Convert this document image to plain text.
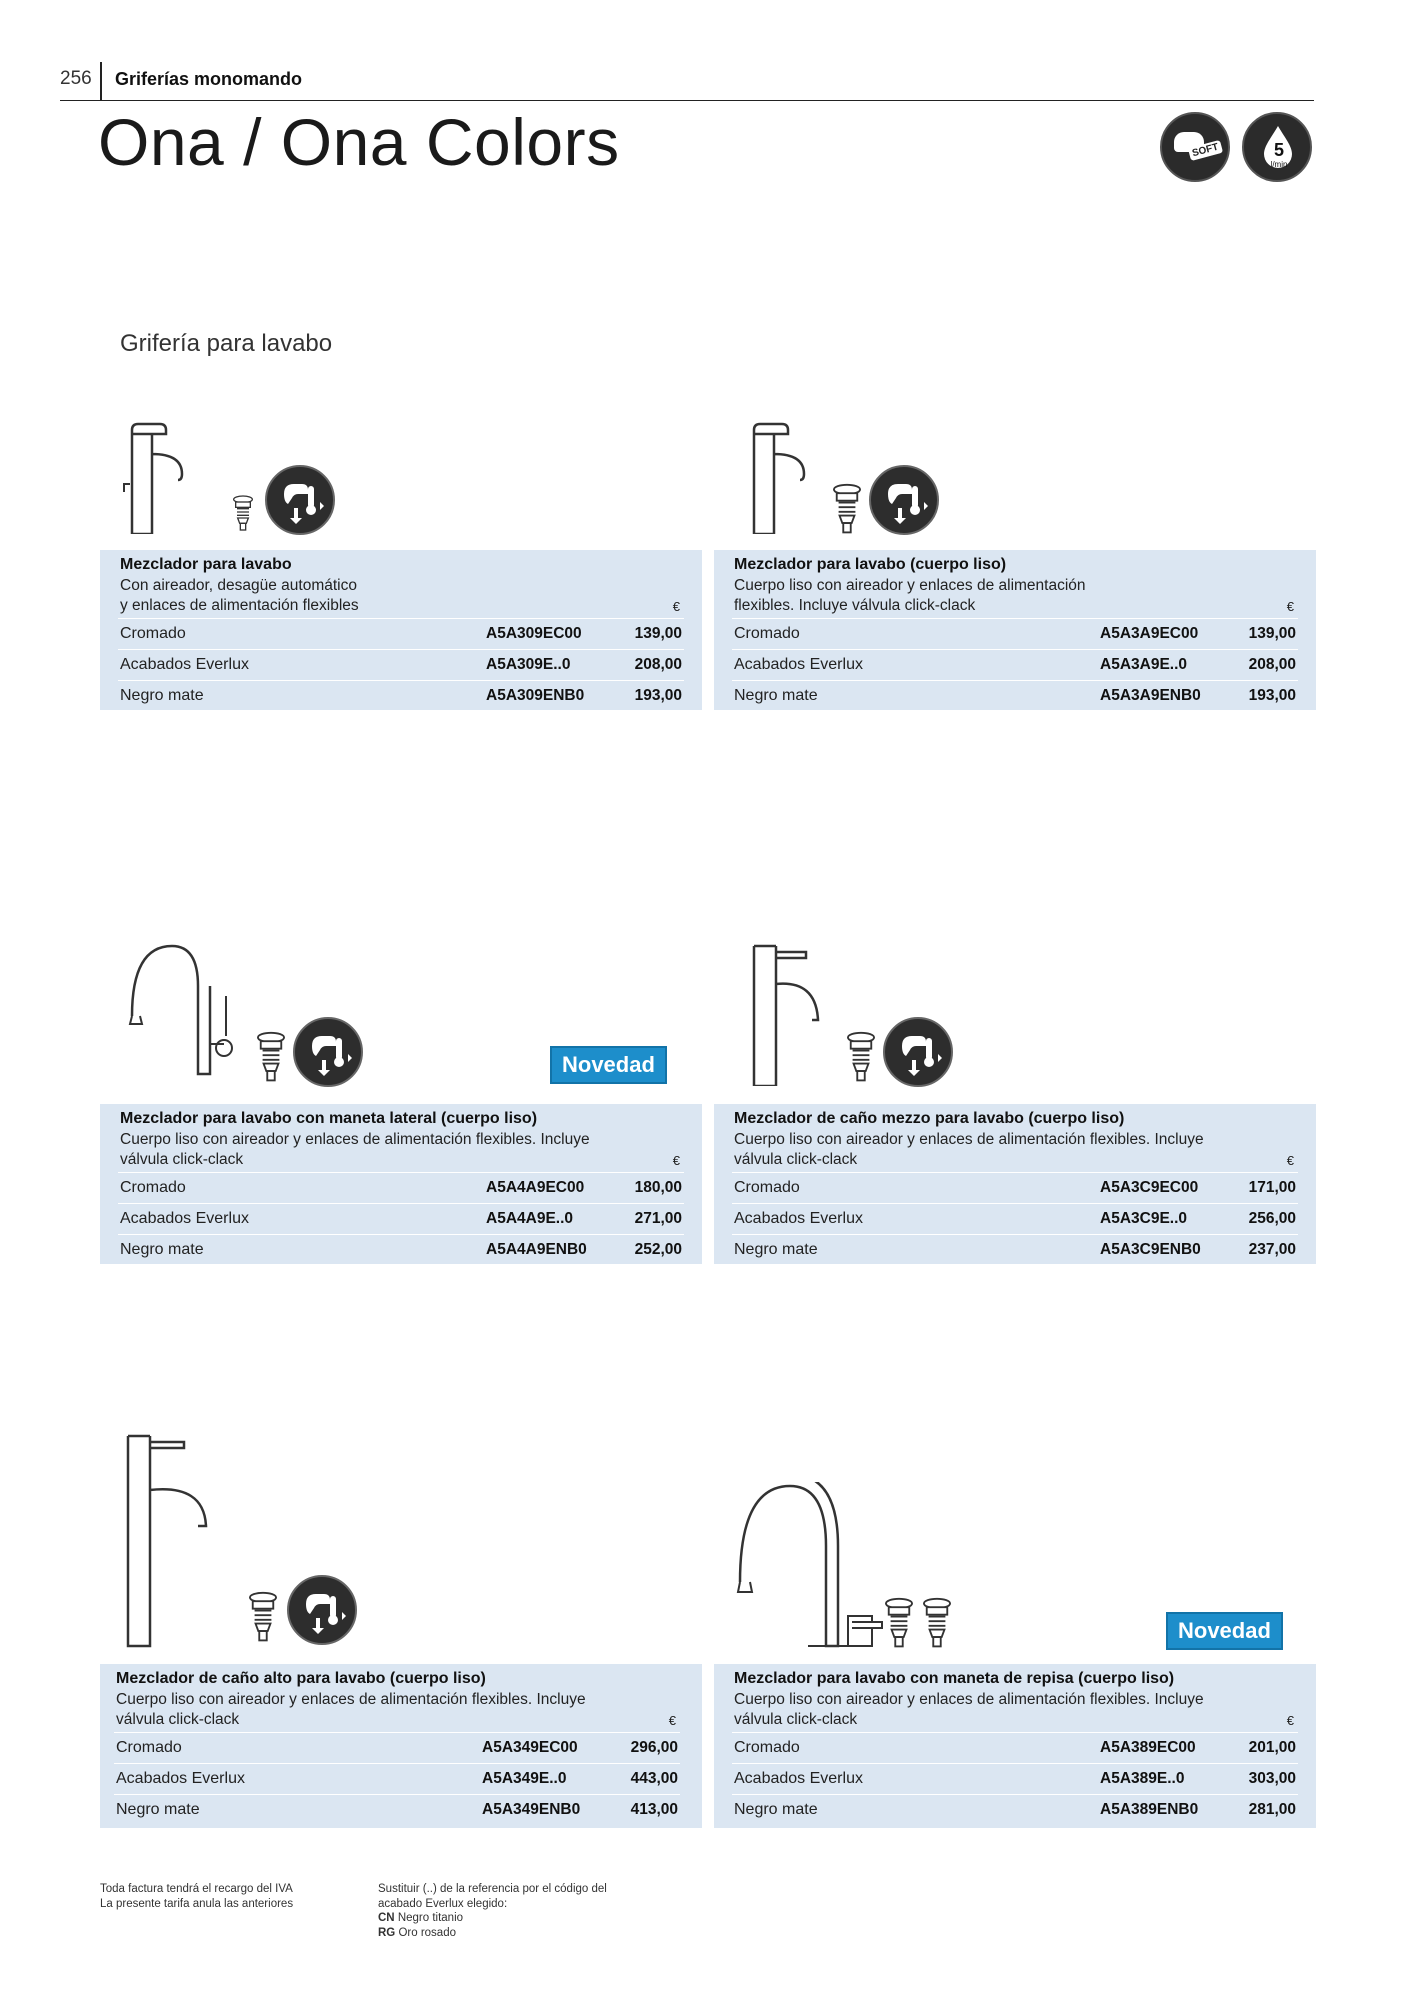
256 Griferías monomando
Ona / Ona Colors	SOFT	5
l/min
Grifería para lavabo
Mezclador para lavabo
Con aireador, desagüe automático
y enlaces de alimentación flexibles	€
Cromado	A5A309EC00	139,00
Acabados Everlux	A5A309E..0	208,00
Negro mate	A5A309ENB0	193,00
Mezclador para lavabo (cuerpo liso)
Cuerpo liso con aireador y enlaces de alimentación
flexibles. Incluye válvula click-clack	€
Cromado	A5A3A9EC00	139,00
Acabados Everlux	A5A3A9E..0	208,00
Negro mate	A5A3A9ENB0	193,00
Novedad
Mezclador para lavabo con maneta lateral (cuerpo liso)
Cuerpo liso con aireador y enlaces de alimentación flexibles. Incluye
válvula click-clack	€
Cromado	A5A4A9EC00	180,00
Acabados Everlux	A5A4A9E..0	271,00
Negro mate	A5A4A9ENB0	252,00
Mezclador de caño mezzo para lavabo (cuerpo liso)
Cuerpo liso con aireador y enlaces de alimentación flexibles. Incluye
válvula click-clack	€
Cromado	A5A3C9EC00	171,00
Acabados Everlux	A5A3C9E..0	256,00
Negro mate	A5A3C9ENB0	237,00
Mezclador de caño alto para lavabo (cuerpo liso)
Cuerpo liso con aireador y enlaces de alimentación flexibles. Incluye
válvula click-clack	€
Cromado	A5A349EC00	296,00
Acabados Everlux	A5A349E..0	443,00
Negro mate	A5A349ENB0	413,00
Novedad
Mezclador para lavabo con maneta de repisa (cuerpo liso)
Cuerpo liso con aireador y enlaces de alimentación flexibles. Incluye
válvula click-clack	€
Cromado	A5A389EC00	201,00
Acabados Everlux	A5A389E..0	303,00
Negro mate	A5A389ENB0	281,00
Toda factura tendrá el recargo del IVA
La presente tarifa anula las anteriores
Sustituir (..) de la referencia por el código del
acabado Everlux elegido:
CN Negro titanio
RG Oro rosado
